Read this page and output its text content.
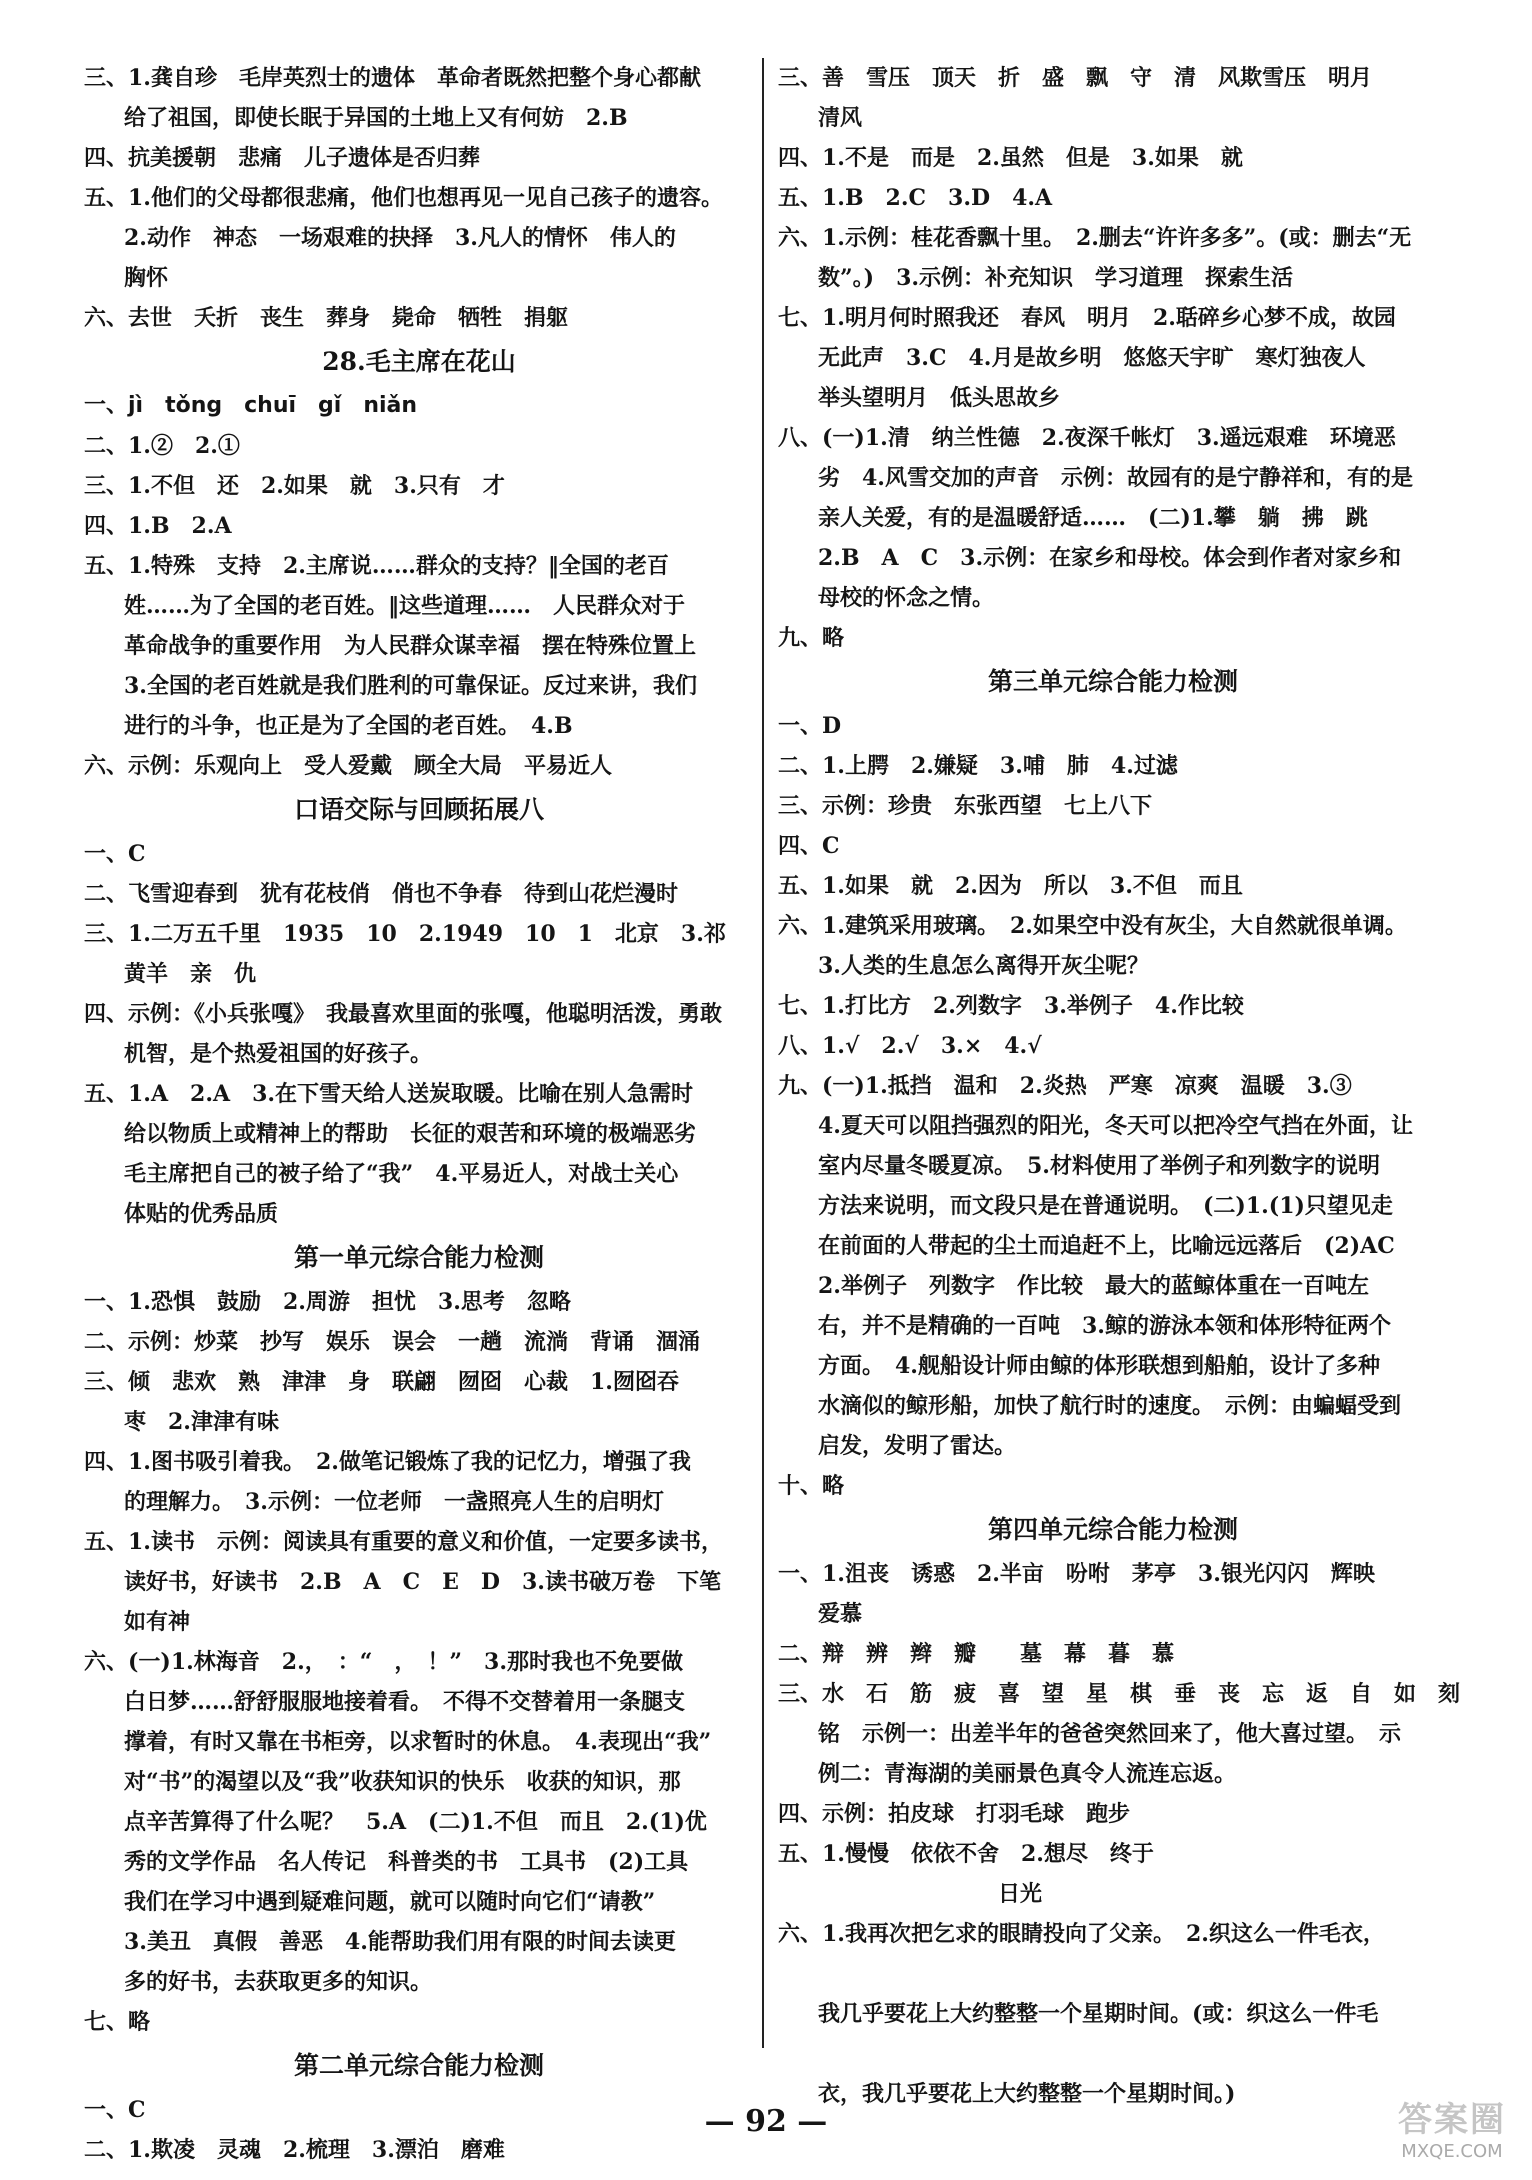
三、1.龚自珍　毛岸英烈士的遗体　革命者既然把整个身心都献
给了祖国，即使长眠于异国的土地上又有何妨　2.B
四、抗美援朝　悲痛　儿子遗体是否归葬
五、1.他们的父母都很悲痛，他们也想再见一见自己孩子的遗容。
2.动作　神态　一场艰难的抉择　3.凡人的情怀　伟人的
胸怀
六、去世　夭折　丧生　葬身　毙命　牺牲　捐躯
28.毛主席在花山
一、jì　tǒng　chuī　gǐ　niǎn
二、1.②　2.①
三、1.不但　还　2.如果　就　3.只有　才
四、1.B　2.A
五、1.特殊　支持　2.主席说……群众的支持？‖全国的老百
姓……为了全国的老百姓。‖这些道理……　人民群众对于
革命战争的重要作用　为人民群众谋幸福　摆在特殊位置上
3.全国的老百姓就是我们胜利的可靠保证。反过来讲，我们
进行的斗争，也正是为了全国的老百姓。　4.B
六、示例：乐观向上　受人爱戴　顾全大局　平易近人
口语交际与回顾拓展八
一、C
二、飞雪迎春到　犹有花枝俏　俏也不争春　待到山花烂漫时
三、1.二万五千里　1935　10　2.1949　10　1　北京　3.祁
黄羊　亲　仇
四、示例：《小兵张嘎》　我最喜欢里面的张嘎，他聪明活泼，勇敢
机智，是个热爱祖国的好孩子。
五、1.A　2.A　3.在下雪天给人送炭取暖。比喻在别人急需时
给以物质上或精神上的帮助　长征的艰苦和环境的极端恶劣
毛主席把自己的被子给了“我”　4.平易近人，对战士关心
体贴的优秀品质
第一单元综合能力检测
一、1.恐惧　鼓励　2.周游　担忧　3.思考　忽略
二、示例：炒菜　抄写　娱乐　误会　一趟　流淌　背诵　涸涌
三、倾　悲欢　熟　津津　身　联翩　囫囵　心裁　1.囫囵吞
枣　2.津津有味
四、1.图书吸引着我。　2.做笔记锻炼了我的记忆力，增强了我
的理解力。　3.示例：一位老师　一盏照亮人生的启明灯
五、1.读书　示例：阅读具有重要的意义和价值，一定要多读书，
读好书，好读书　2.B　A　C　E　D　3.读书破万卷　下笔
如有神
六、(一)1.林海音　2.，　：“　，　！”　3.那时我也不免要做
白日梦……舒舒服服地接着看。　不得不交替着用一条腿支
撑着，有时又靠在书柜旁，以求暂时的休息。　4.表现出“我”
对“书”的渴望以及“我”收获知识的快乐　收获的知识，那
点辛苦算得了什么呢？　5.A　(二)1.不但　而且　2.(1)优
秀的文学作品　名人传记　科普类的书　工具书　(2)工具
我们在学习中遇到疑难问题，就可以随时向它们“请教”
3.美丑　真假　善恶　4.能帮助我们用有限的时间去读更
多的好书，去获取更多的知识。
七、略
第二单元综合能力检测
一、C
二、1.欺凌　灵魂　2.梳理　3.漂泊　磨难
三、善　雪压　顶天　折　盛　飘　守　清　风欺雪压　明月
清风
四、1.不是　而是　2.虽然　但是　3.如果　就
五、1.B　2.C　3.D　4.A
六、1.示例：桂花香飘十里。　2.删去“许许多多”。(或：删去“无
数”。)　3.示例：补充知识　学习道理　探索生活
七、1.明月何时照我还　春风　明月　2.聒碎乡心梦不成，故园
无此声　3.C　4.月是故乡明　悠悠天宇旷　寒灯独夜人
举头望明月　低头思故乡
八、(一)1.清　纳兰性德　2.夜深千帐灯　3.遥远艰难　环境恶
劣　4.风雪交加的声音　示例：故园有的是宁静祥和，有的是
亲人关爱，有的是温暖舒适……　(二)1.攀　躺　拂　跳
2.B　A　C　3.示例：在家乡和母校。体会到作者对家乡和
母校的怀念之情。
九、略
第三单元综合能力检测
一、D
二、1.上腭　2.嫌疑　3.哺　肺　4.过滤
三、示例：珍贵　东张西望　七上八下
四、C
五、1.如果　就　2.因为　所以　3.不但　而且
六、1.建筑采用玻璃。　2.如果空中没有灰尘，大自然就很单调。
3.人类的生息怎么离得开灰尘呢？
七、1.打比方　2.列数字　3.举例子　4.作比较
八、1.√　2.√　3.×　4.√
九、(一)1.抵挡　温和　2.炎热　严寒　凉爽　温暖　3.③
4.夏天可以阻挡强烈的阳光，冬天可以把冷空气挡在外面，让
室内尽量冬暖夏凉。　5.材料使用了举例子和列数字的说明
方法来说明，而文段只是在普通说明。　(二)1.(1)只望见走
在前面的人带起的尘土而追赶不上，比喻远远落后　(2)AC
2.举例子　列数字　作比较　最大的蓝鲸体重在一百吨左
右，并不是精确的一百吨　3.鲸的游泳本领和体形特征两个
方面。　4.舰船设计师由鲸的体形联想到船舶，设计了多种
水滴似的鲸形船，加快了航行时的速度。　示例：由蝙蝠受到
启发，发明了雷达。
十、略
第四单元综合能力检测
一、1.沮丧　诱惑　2.半亩　吩咐　茅亭　3.银光闪闪　辉映
爱慕
二、辩　辨　辫　瓣　　墓　幕　暮　慕
三、水　石　筋　疲　喜　望　星　棋　垂　丧　忘　返　自　如　刻
铭　示例一：出差半年的爸爸突然回来了，他大喜过望。　示
例二：青海湖的美丽景色真令人流连忘返。
四、示例：拍皮球　打羽毛球　跑步
五、1.慢慢　依依不舍　2.想尽　终于
　　　　　　　　　　日光
六、1.我再次把乞求的眼睛投向了父亲。　2.织这么一件毛衣，
我几乎要花上大约整整一个星期时间。(或：织这么一件毛
衣，我几乎要花上大约整整一个星期时间。)
— 92 —	答案圈
MXQE.COM
